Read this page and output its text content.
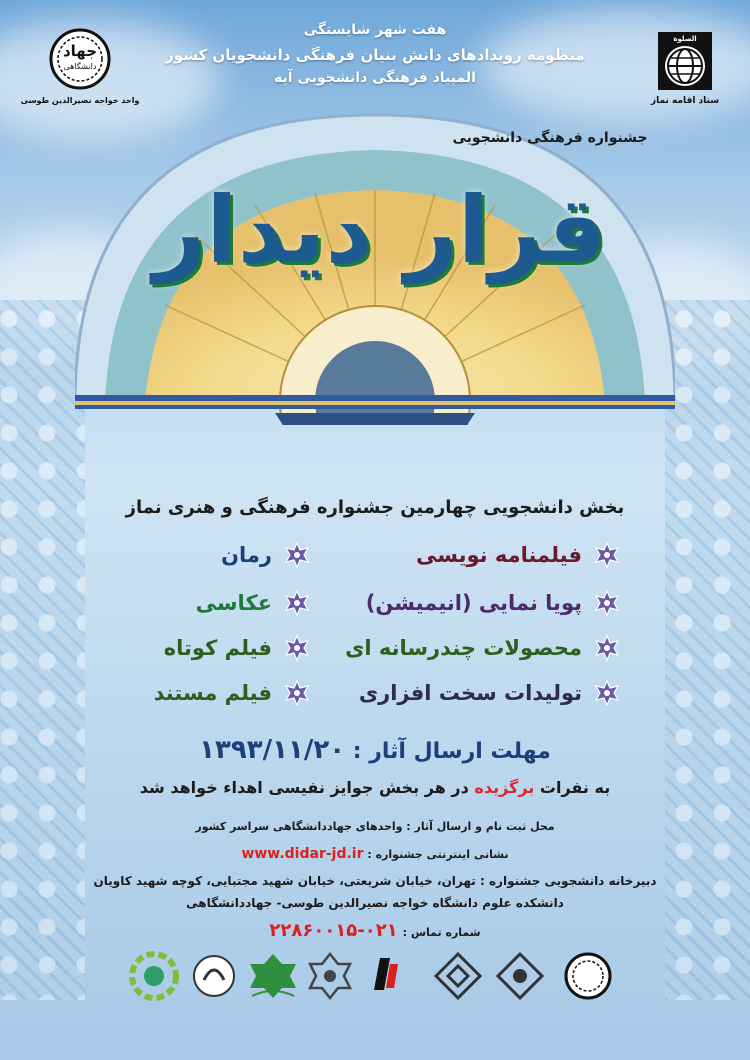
هفت شهر شایستگی
منظومه رویدادهای دانش بنیان فرهنگی دانشجویان کشور
المپیاد فرهنگی دانشجویی آیه
جهاد
دانشگاهی
واحد خواجه نصیرالدین طوسی
الصلوة
ستاد اقامه نماز
جشنواره فرهنگی دانشجویی
قرار دیدار
بخش دانشجویی چهارمین جشنواره فرهنگی و هنری نماز
فیلمنامه نویسی
پویا نمایی (انیمیشن)
محصولات چندرسانه ای
تولیدات سخت افزاری
رمان
عکاسی
فیلم کوتاه
فیلم مستند
مهلت ارسال آثار : ۱۳۹۳/۱۱/۲۰
به نفرات برگزیده در هر بخش جوایز نفیسی اهداء خواهد شد
محل ثبت نام و ارسال آثار : واحدهای جهاددانشگاهی سراسر کشور
نشانی اینترنتی جشنواره : www.didar-jd.ir
دبیرخانه دانشجویی جشنواره : تهران، خیابان شریعتی، خیابان شهید مجتبایی، کوچه شهید کاویان
دانشکده علوم دانشگاه خواجه نصیرالدین طوسی- جهاددانشگاهی
شماره تماس : ۰۲۱-۲۲۸۶۰۰۱۵
